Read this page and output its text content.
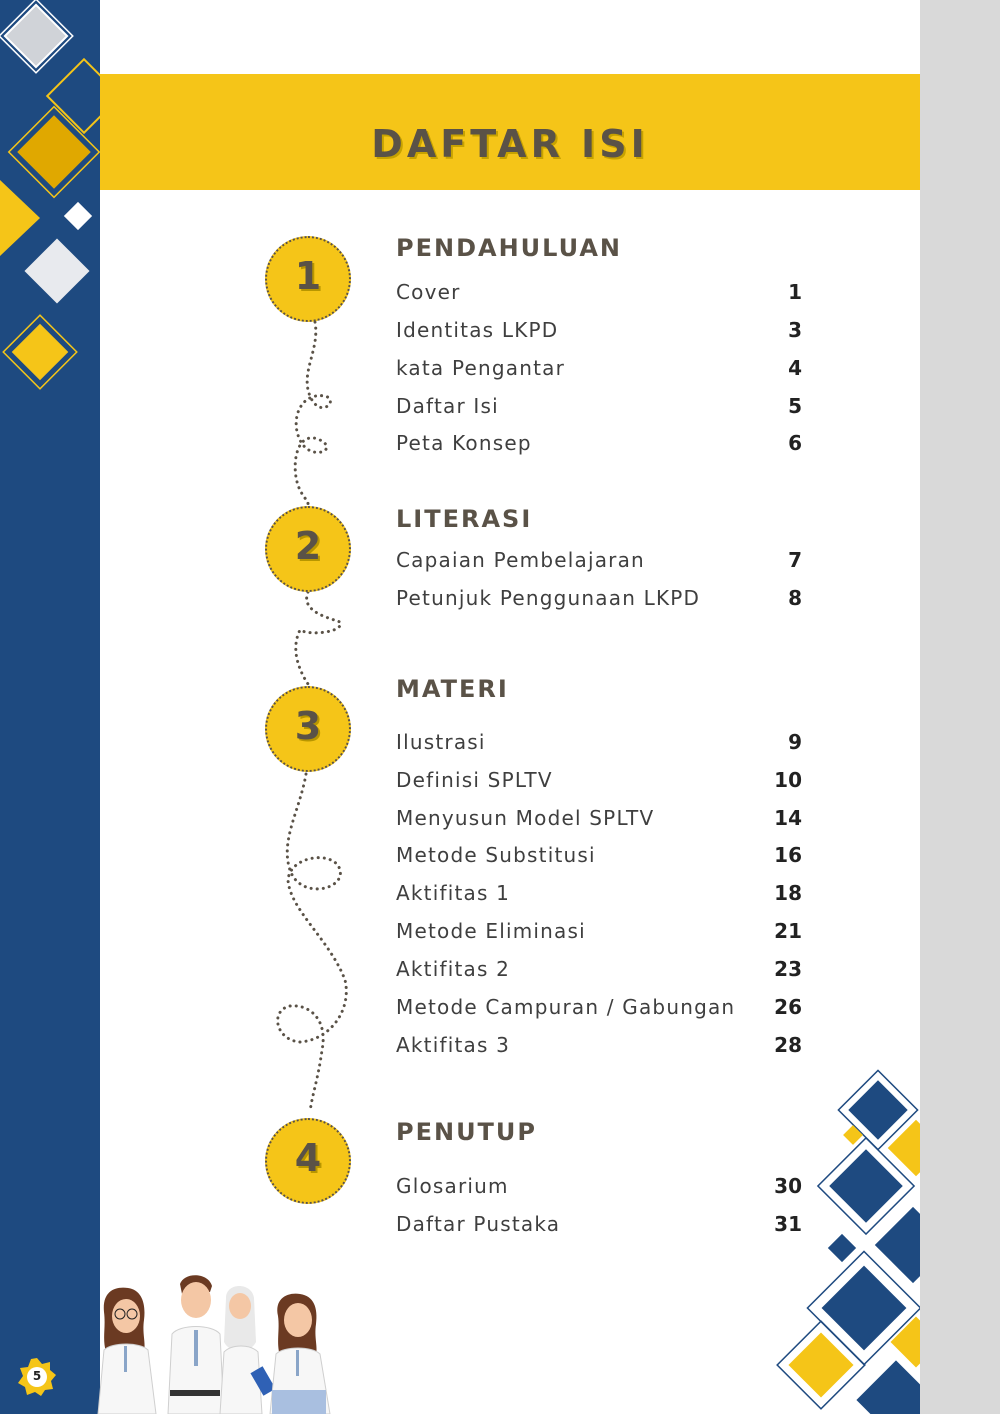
DAFTAR ISI
1
2
3
4
PENDAHULUAN
Cover	1
Identitas LKPD	3
kata Pengantar	4
Daftar Isi	5
Peta Konsep	6
LITERASI
Capaian Pembelajaran	7
Petunjuk Penggunaan LKPD	8
MATERI
Ilustrasi	9
Definisi SPLTV	10
Menyusun Model SPLTV	14
Metode Substitusi	16
Aktifitas 1	18
Metode Eliminasi	21
Aktifitas 2	23
Metode Campuran / Gabungan 26
Aktifitas 3	28
PENUTUP
Glosarium	30
Daftar Pustaka	31
5
